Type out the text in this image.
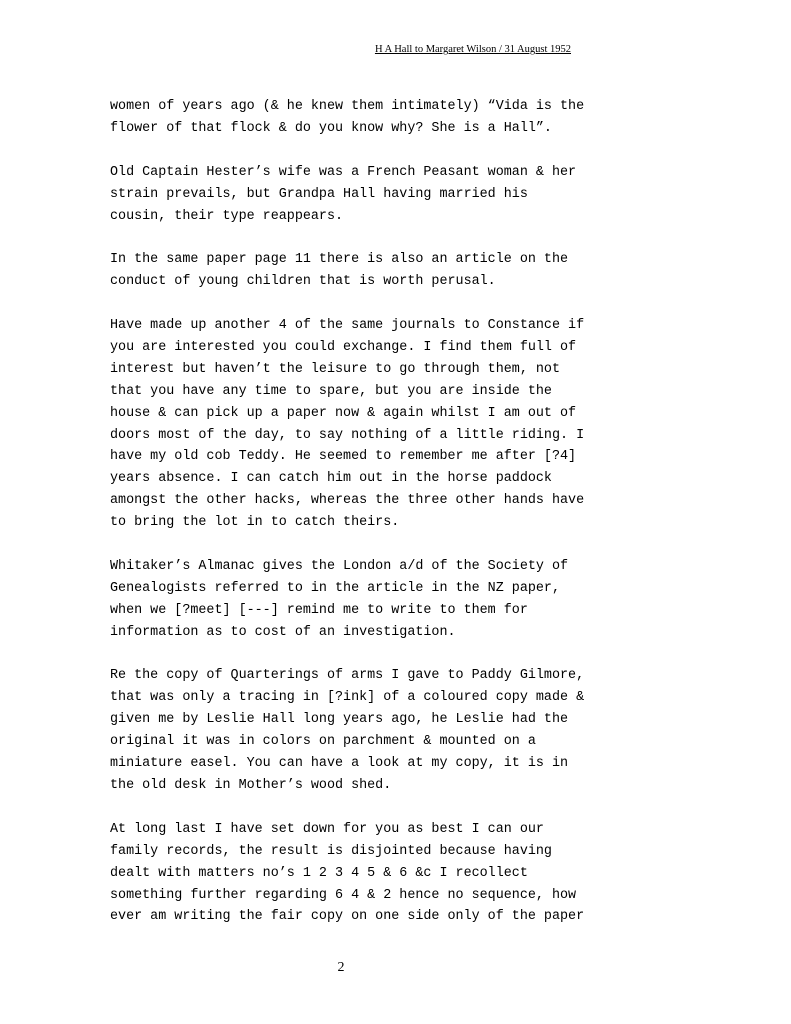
H A Hall to Margaret Wilson / 31 August 1952
women of years ago (& he knew them intimately) “Vida is the
flower of that flock & do you know why? She is a Hall”.
Old Captain Hester’s wife was a French Peasant woman & her
strain prevails, but Grandpa Hall having married his
cousin, their type reappears.
In the same paper page 11 there is also an article on the
conduct of young children that is worth perusal.
Have made up another 4 of the same journals to Constance if
you are interested you could exchange. I find them full of
interest but haven’t the leisure to go through them, not
that you have any time to spare, but you are inside the
house & can pick up a paper now & again whilst I am out of
doors most of the day, to say nothing of a little riding. I
have my old cob Teddy. He seemed to remember me after [?4]
years absence. I can catch him out in the horse paddock
amongst the other hacks, whereas the three other hands have
to bring the lot in to catch theirs.
Whitaker’s Almanac gives the London a/d of the Society of
Genealogists referred to in the article in the NZ paper,
when we [?meet] [---] remind me to write to them for
information as to cost of an investigation.
Re the copy of Quarterings of arms I gave to Paddy Gilmore,
that was only a tracing in [?ink] of a coloured copy made &
given me by Leslie Hall long years ago, he Leslie had the
original it was in colors on parchment & mounted on a
miniature easel. You can have a look at my copy, it is in
the old desk in Mother’s wood shed.
At long last I have set down for you as best I can our
family records, the result is disjointed because having
dealt with matters no’s 1 2 3 4 5 & 6 &c I recollect
something further regarding 6 4 & 2 hence no sequence, how
ever am writing the fair copy on one side only of the paper
2
